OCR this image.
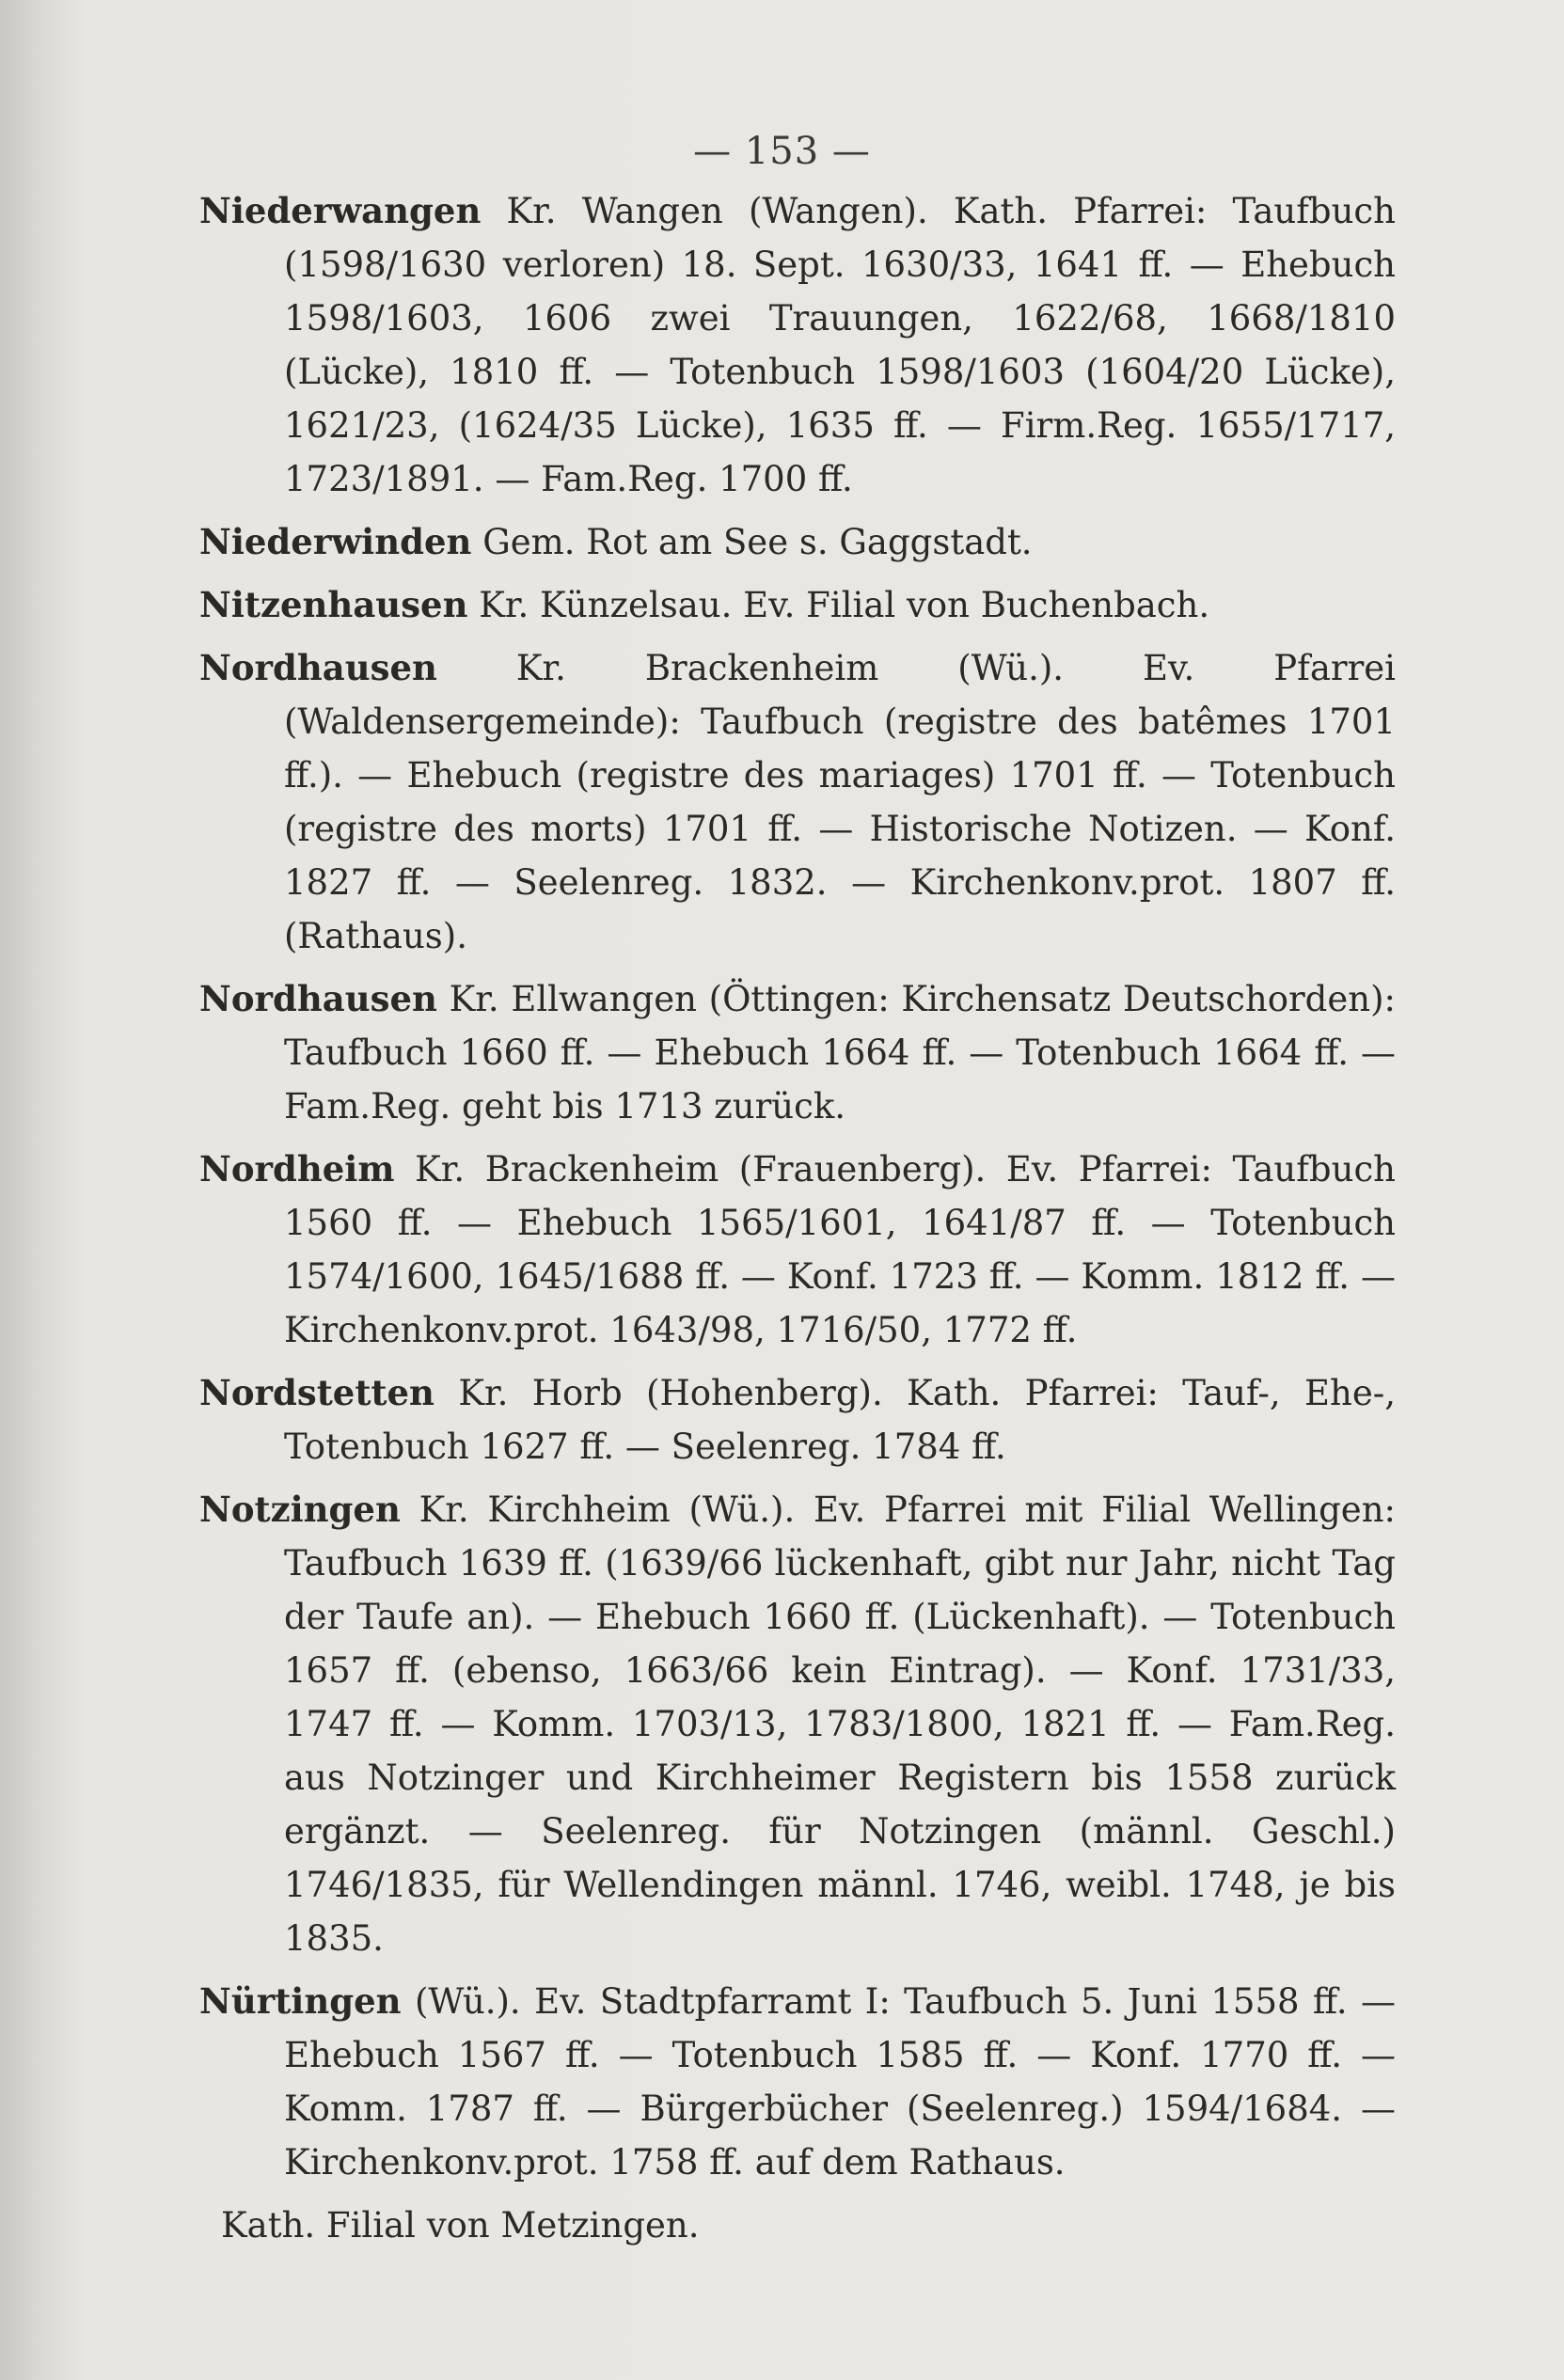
— 153 —

Niederwangen Kr. Wangen (Wangen). Kath. Pfarrei: Taufbuch (1598/1630 verloren) 18. Sept. 1630/33, 1641 ff. — Ehebuch 1598/1603, 1606 zwei Trauungen, 1622/68, 1668/1810 (Lücke), 1810 ff. — Totenbuch 1598/1603 (1604/20 Lücke), 1621/23, (1624/35 Lücke), 1635 ff. — Firm.Reg. 1655/1717, 1723/1891. — Fam.Reg. 1700 ff.

Niederwinden Gem. Rot am See s. Gaggstadt.

Nitzenhausen Kr. Künzelsau. Ev. Filial von Buchenbach.

Nordhausen Kr. Brackenheim (Wü.). Ev. Pfarrei (Waldensergemeinde): Taufbuch (registre des batêmes 1701 ff.). — Ehebuch (registre des mariages) 1701 ff. — Totenbuch (registre des morts) 1701 ff. — Historische Notizen. — Konf. 1827 ff. — Seelenreg. 1832. — Kirchenkonv.prot. 1807 ff. (Rathaus).

Nordhausen Kr. Ellwangen (Öttingen: Kirchensatz Deutschorden): Taufbuch 1660 ff. — Ehebuch 1664 ff. — Totenbuch 1664 ff. — Fam.Reg. geht bis 1713 zurück.

Nordheim Kr. Brackenheim (Frauenberg). Ev. Pfarrei: Taufbuch 1560 ff. — Ehebuch 1565/1601, 1641/87 ff. — Totenbuch 1574/1600, 1645/1688 ff. — Konf. 1723 ff. — Komm. 1812 ff. — Kirchenkonv.prot. 1643/98, 1716/50, 1772 ff.

Nordstetten Kr. Horb (Hohenberg). Kath. Pfarrei: Tauf-, Ehe-, Totenbuch 1627 ff. — Seelenreg. 1784 ff.

Notzingen Kr. Kirchheim (Wü.). Ev. Pfarrei mit Filial Wellingen: Taufbuch 1639 ff. (1639/66 lückenhaft, gibt nur Jahr, nicht Tag der Taufe an). — Ehebuch 1660 ff. (Lückenhaft). — Totenbuch 1657 ff. (ebenso, 1663/66 kein Eintrag). — Konf. 1731/33, 1747 ff. — Komm. 1703/13, 1783/1800, 1821 ff. — Fam.Reg. aus Notzinger und Kirchheimer Registern bis 1558 zurück ergänzt. — Seelenreg. für Notzingen (männl. Geschl.) 1746/1835, für Wellendingen männl. 1746, weibl. 1748, je bis 1835.

Nürtingen (Wü.). Ev. Stadtpfarramt I: Taufbuch 5. Juni 1558 ff. — Ehebuch 1567 ff. — Totenbuch 1585 ff. — Konf. 1770 ff. — Komm. 1787 ff. — Bürgerbücher (Seelenreg.) 1594/1684. — Kirchenkonv.prot. 1758 ff. auf dem Rathaus.

Kath. Filial von Metzingen.
